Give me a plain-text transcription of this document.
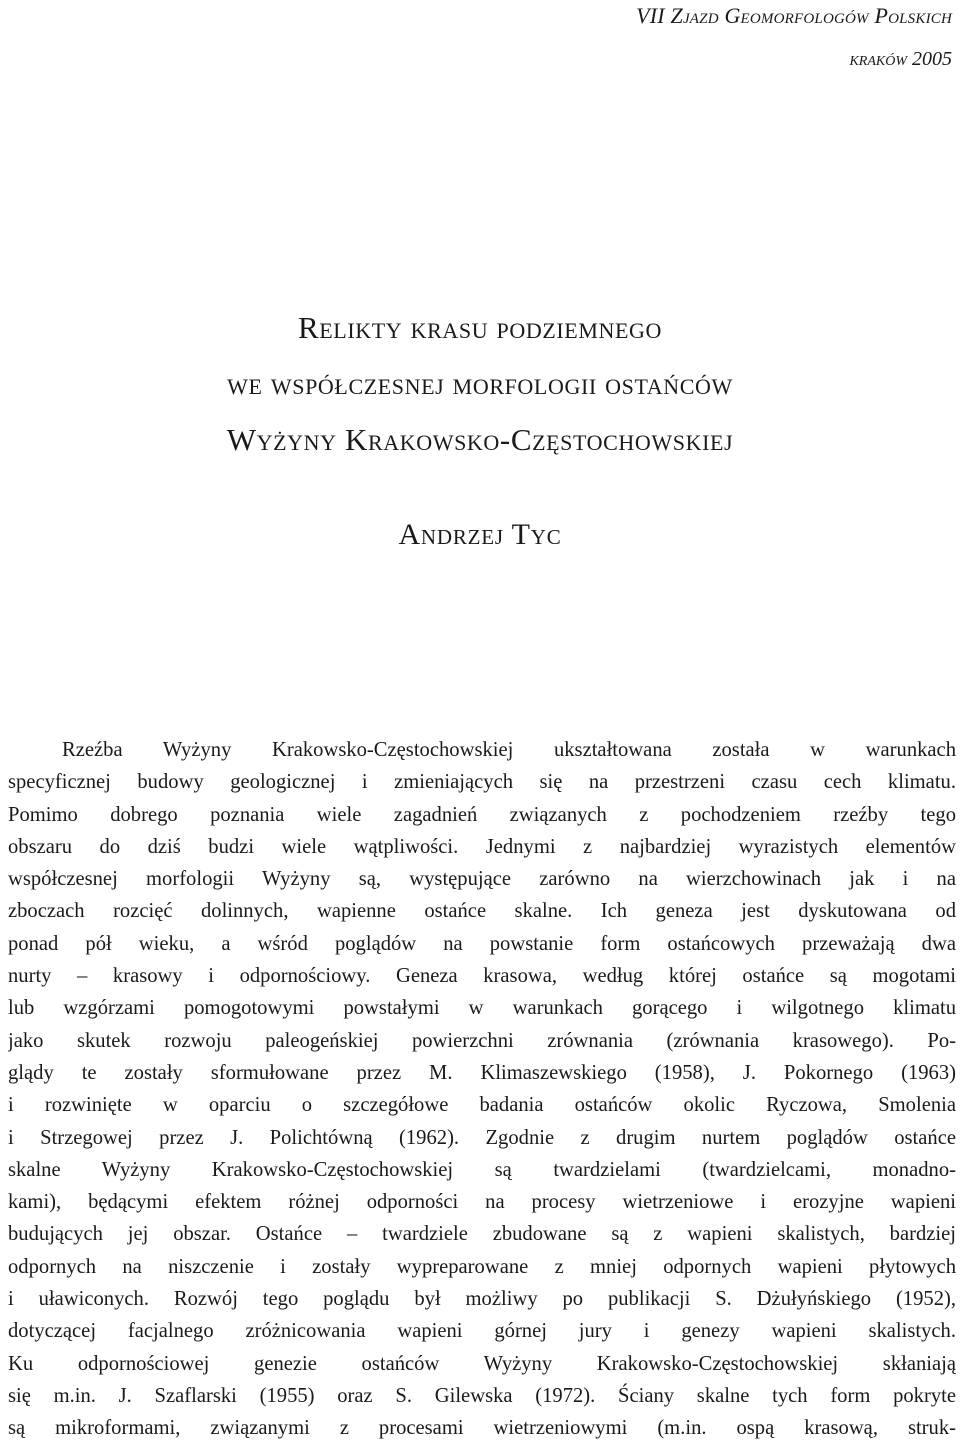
VII Zjazd Geomorfologów Polskich
kraków 2005
Relikty krasu podziemnego
we współczesnej morfologii ostańców
Wyżyny Krakowsko-Częstochowskiej
Andrzej Tyc
Rzeźba Wyżyny Krakowsko-Częstochowskiej ukształtowana została w warunkach
specyficznej budowy geologicznej i zmieniających się na przestrzeni czasu cech klimatu.
Pomimo dobrego poznania wiele zagadnień związanych z pochodzeniem rzeźby tego
obszaru do dziś budzi wiele wątpliwości. Jednymi z najbardziej wyrazistych elementów
współczesnej morfologii Wyżyny są, występujące zarówno na wierzchowinach jak i na
zboczach rozcięć dolinnych, wapienne ostańce skalne. Ich geneza jest dyskutowana od
ponad pół wieku, a wśród poglądów na powstanie form ostańcowych przeważają dwa
nurty – krasowy i odpornościowy. Geneza krasowa, według której ostańce są mogotami
lub wzgórzami pomogotowymi powstałymi w warunkach gorącego i wilgotnego klimatu
jako skutek rozwoju paleogeńskiej powierzchni zrównania (zrównania krasowego). Po-
glądy te zostały sformułowane przez M. Klimaszewskiego (1958), J. Pokornego (1963)
i rozwinięte w oparciu o szczegółowe badania ostańców okolic Ryczowa, Smolenia
i Strzegowej przez J. Polichtówną (1962). Zgodnie z drugim nurtem poglądów ostańce
skalne Wyżyny Krakowsko-Częstochowskiej są twardzielami (twardzielcami, monadno-
kami), będącymi efektem różnej odporności na procesy wietrzeniowe i erozyjne wapieni
budujących jej obszar. Ostańce – twardziele zbudowane są z wapieni skalistych, bardziej
odpornych na niszczenie i zostały wypreparowane z mniej odpornych wapieni płytowych
i uławiconych. Rozwój tego poglądu był możliwy po publikacji S. Dżułyńskiego (1952),
dotyczącej facjalnego zróżnicowania wapieni górnej jury i genezy wapieni skalistych.
Ku odpornościowej genezie ostańców Wyżyny Krakowsko-Częstochowskiej skłaniają
się m.in. J. Szaflarski (1955) oraz S. Gilewska (1972). Ściany skalne tych form pokryte
są mikroformami, związanymi z procesami wietrzeniowymi (m.in. ospą krasową, struk-
